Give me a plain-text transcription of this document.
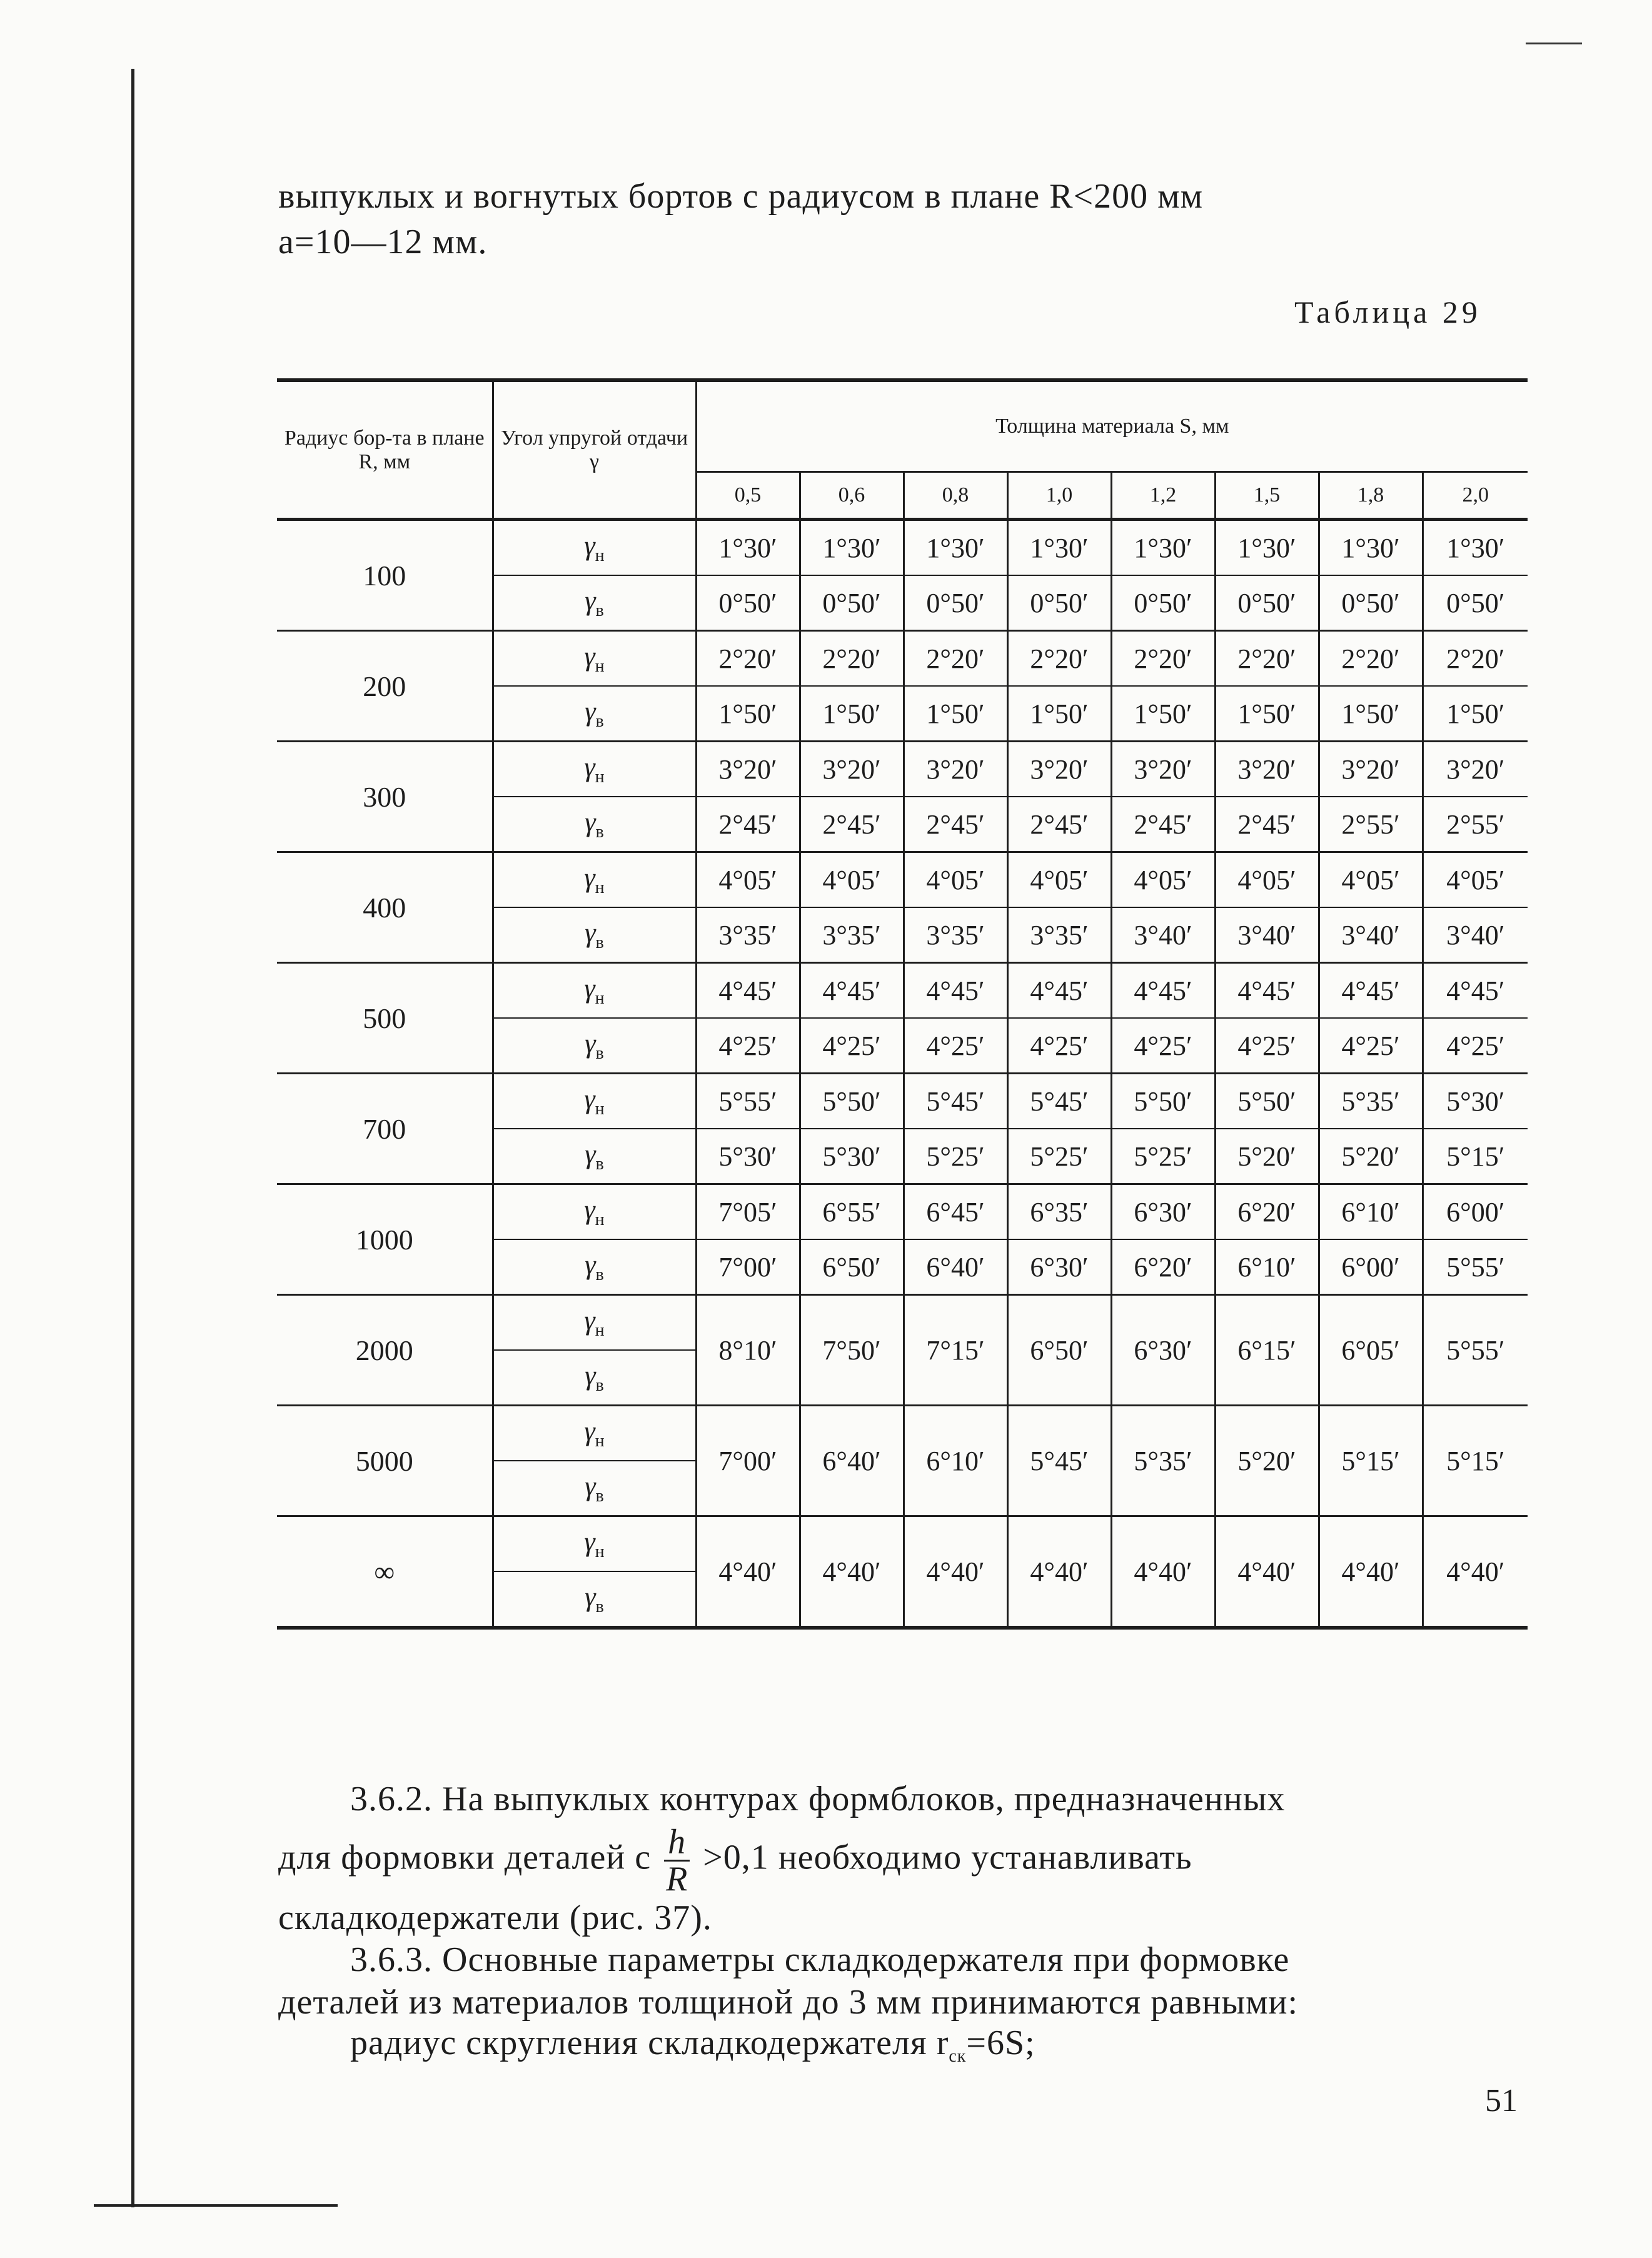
выпуклых и вогнутых бортов с радиусом в плане R<200 мм
a=10—12 мм.
Таблица 29
Радиус бор-та в плане R, мм	Угол упругой отдачи γ	Толщина материала S, мм							
		0,5	0,6	0,8	1,0	1,2	1,5	1,8	2,0
100	$\gamma_н$	1°30′	1°30′	1°30′	1°30′	1°30′	1°30′	1°30′	1°30′
	$\gamma_в$	0°50′	0°50′	0°50′	0°50′	0°50′	0°50′	0°50′	0°50′
200	$\gamma_н$	2°20′	2°20′	2°20′	2°20′	2°20′	2°20′	2°20′	2°20′
	$\gamma_в$	1°50′	1°50′	1°50′	1°50′	1°50′	1°50′	1°50′	1°50′
300	$\gamma_н$	3°20′	3°20′	3°20′	3°20′	3°20′	3°20′	3°20′	3°20′
	$\gamma_в$	2°45′	2°45′	2°45′	2°45′	2°45′	2°45′	2°55′	2°55′
400	$\gamma_н$	4°05′	4°05′	4°05′	4°05′	4°05′	4°05′	4°05′	4°05′
	$\gamma_в$	3°35′	3°35′	3°35′	3°35′	3°40′	3°40′	3°40′	3°40′
500	$\gamma_н$	4°45′	4°45′	4°45′	4°45′	4°45′	4°45′	4°45′	4°45′
	$\gamma_в$	4°25′	4°25′	4°25′	4°25′	4°25′	4°25′	4°25′	4°25′
700	$\gamma_н$	5°55′	5°50′	5°45′	5°45′	5°50′	5°50′	5°35′	5°30′
	$\gamma_в$	5°30′	5°30′	5°25′	5°25′	5°25′	5°20′	5°20′	5°15′
1000	$\gamma_н$	7°05′	6°55′	6°45′	6°35′	6°30′	6°20′	6°10′	6°00′
	$\gamma_в$	7°00′	6°50′	6°40′	6°30′	6°20′	6°10′	6°00′	5°55′
2000	$\gamma_н$	8°10′	7°50′	7°15′	6°50′	6°30′	6°15′	6°05′	5°55′
	$\gamma_в$
5000	$\gamma_н$	7°00′	6°40′	6°10′	5°45′	5°35′	5°20′	5°15′	5°15′
	$\gamma_в$
∞	$\gamma_н$	4°40′	4°40′	4°40′	4°40′	4°40′	4°40′	4°40′	4°40′
	$\gamma_в$
3.6.2. На выпуклых контурах формблоков, предназначенных
для формовки деталей с $\frac{h}{R} >0,1$ необходимо устанавливать
складкодержатели (рис. 37).
3.6.3. Основные параметры складкодержателя при формовке
деталей из материалов толщиной до 3 мм принимаются равными:
радиус скругления складкодержателя $r_{ск}=6S$;
51
